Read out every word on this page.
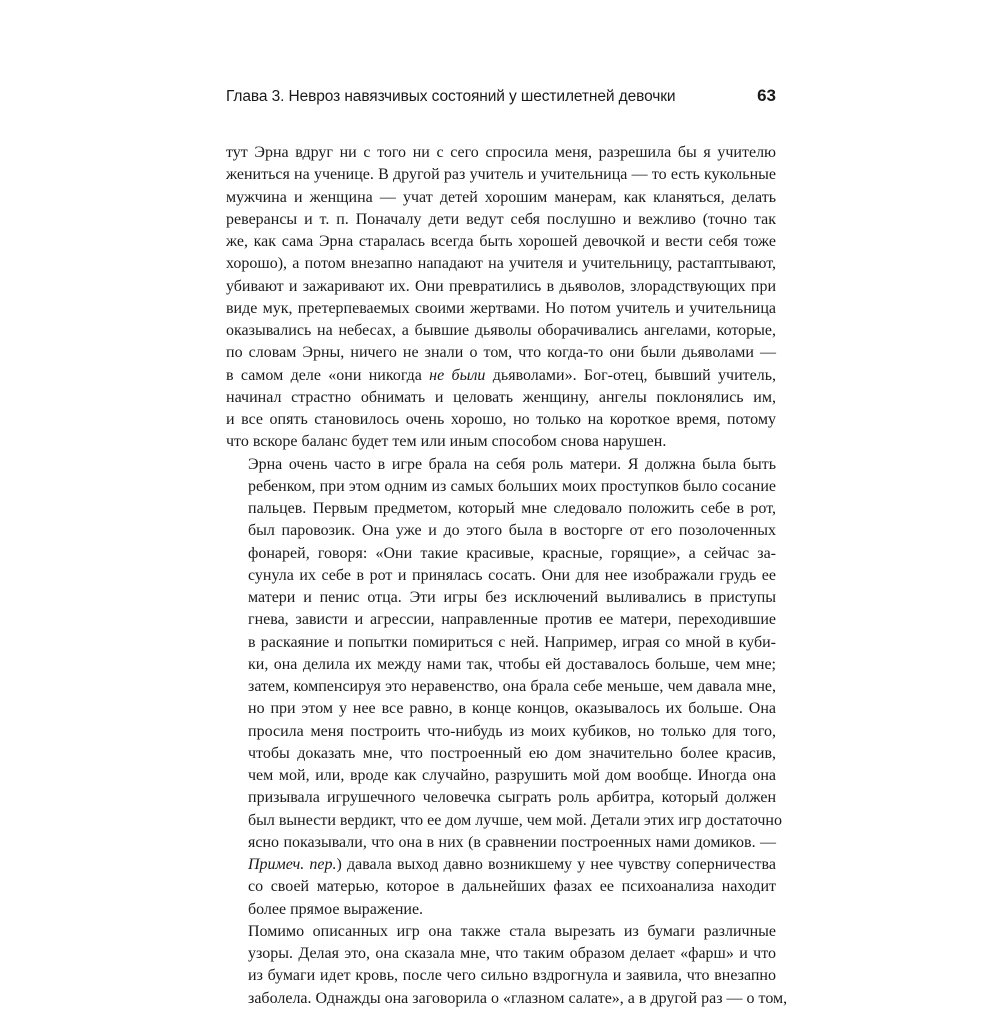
Глава 3. Невроз навязчивых состояний у шестилетней девочки	63

тут Эрна вдруг ни с того ни с сего спросила меня, разрешила бы я учителю
жениться на ученице. В другой раз учитель и учительница — то есть кукольные
мужчина и женщина — учат детей хорошим манерам, как кланяться, делать
реверансы и т. п. Поначалу дети ведут себя послушно и вежливо (точно так
же, как сама Эрна старалась всегда быть хорошей девочкой и вести себя тоже
хорошо), а потом внезапно нападают на учителя и учительницу, растаптывают,
убивают и зажаривают их. Они превратились в дьяволов, злорадствующих при
виде мук, претерпеваемых своими жертвами. Но потом учитель и учительница
оказывались на небесах, а бывшие дьяволы оборачивались ангелами, которые,
по словам Эрны, ничего не знали о том, что когда-то они были дьяволами —
в самом деле «они никогда не были дьяволами». Бог-отец, бывший учитель,
начинал страстно обнимать и целовать женщину, ангелы поклонялись им,
и все опять становилось очень хорошо, но только на короткое время, потому
что вскоре баланс будет тем или иным способом снова нарушен.

Эрна очень часто в игре брала на себя роль матери. Я должна была быть
ребенком, при этом одним из самых больших моих проступков было сосание
пальцев. Первым предметом, который мне следовало положить себе в рот,
был паровозик. Она уже и до этого была в восторге от его позолоченных
фонарей, говоря: «Они такие красивые, красные, горящие», а сейчас за-
сунула их себе в рот и принялась сосать. Они для нее изображали грудь ее
матери и пенис отца. Эти игры без исключений выливались в приступы
гнева, зависти и агрессии, направленные против ее матери, переходившие
в раскаяние и попытки помириться с ней. Например, играя со мной в куби-
ки, она делила их между нами так, чтобы ей доставалось больше, чем мне;
затем, компенсируя это неравенство, она брала себе меньше, чем давала мне,
но при этом у нее все равно, в конце концов, оказывалось их больше. Она
просила меня построить что-нибудь из моих кубиков, но только для того,
чтобы доказать мне, что построенный ею дом значительно более красив,
чем мой, или, вроде как случайно, разрушить мой дом вообще. Иногда она
призывала игрушечного человечка сыграть роль арбитра, который должен
был вынести вердикт, что ее дом лучше, чем мой. Детали этих игр достаточно
ясно показывали, что она в них (в сравнении построенных нами домиков. —
Примеч. пер.) давала выход давно возникшему у нее чувству соперничества
со своей матерью, которое в дальнейших фазах ее психоанализа находит
более прямое выражение.

Помимо описанных игр она также стала вырезать из бумаги различные
узоры. Делая это, она сказала мне, что таким образом делает «фарш» и что
из бумаги идет кровь, после чего сильно вздрогнула и заявила, что внезапно
заболела. Однажды она заговорила о «глазном салате», а в другой раз — о том,
